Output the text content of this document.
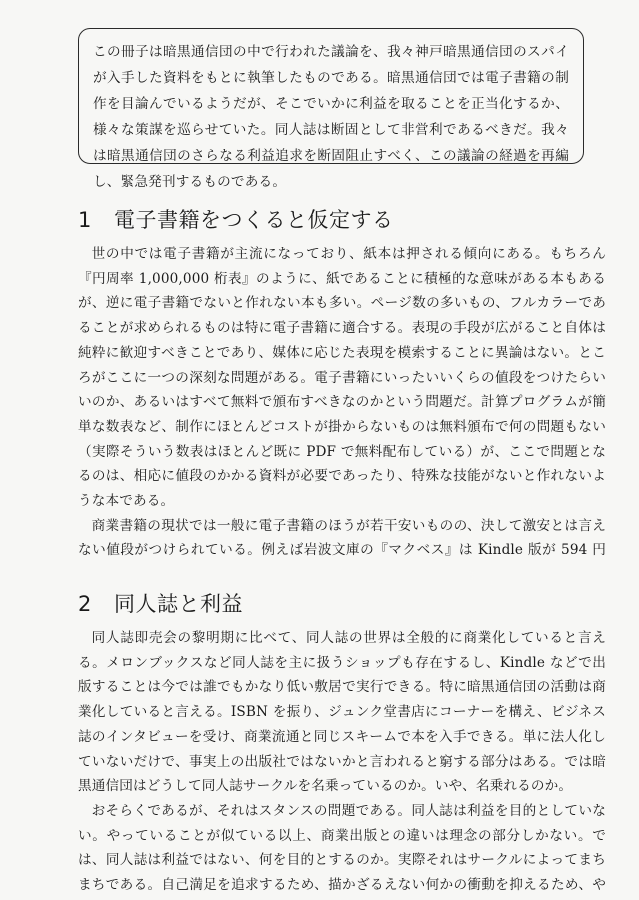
この冊子は暗黒通信団の中で行われた議論を、我々神戸暗黒通信団のスパイが入手した資料をもとに執筆したものである。暗黒通信団では電子書籍の制作を目論んでいるようだが、そこでいかに利益を取ることを正当化するか、様々な策謀を巡らせていた。同人誌は断固として非営利であるべきだ。我々は暗黒通信団のさらなる利益追求を断固阻止すべく、この議論の経過を再編し、緊急発刊するものである。

1 電子書籍をつくると仮定する

世の中では電子書籍が主流になっており、紙本は押される傾向にある。もちろん『円周率 1,000,000 桁表』のように、紙であることに積極的な意味がある本もあるが、逆に電子書籍でないと作れない本も多い。ページ数の多いもの、フルカラーであることが求められるものは特に電子書籍に適合する。表現の手段が広がること自体は純粋に歓迎すべきことであり、媒体に応じた表現を模索することに異論はない。ところがここに一つの深刻な問題がある。電子書籍にいったいいくらの値段をつけたらいいのか、あるいはすべて無料で頒布すべきなのかという問題だ。計算プログラムが簡単な数表など、制作にほとんどコストが掛からないものは無料頒布で何の問題もない（実際そういう数表はほとんど既に PDF で無料配布している）が、ここで問題となるのは、相応に値段のかかる資料が必要であったり、特殊な技能がないと作れないような本である。

商業書籍の現状では一般に電子書籍のほうが若干安いものの、決して激安とは言えない値段がつけられている。例えば岩波文庫の『マクベス』は Kindle 版が 594 円

2 同人誌と利益

同人誌即売会の黎明期に比べて、同人誌の世界は全般的に商業化していると言える。メロンブックスなど同人誌を主に扱うショップも存在するし、Kindle などで出版することは今では誰でもかなり低い敷居で実行できる。特に暗黒通信団の活動は商業化していると言える。ISBN を振り、ジュンク堂書店にコーナーを構え、ビジネス誌のインタビューを受け、商業流通と同じスキームで本を入手できる。単に法人化していないだけで、事実上の出版社ではないかと言われると窮する部分はある。では暗黒通信団はどうして同人誌サークルを名乗っているのか。いや、名乗れるのか。

おそらくであるが、それはスタンスの問題である。同人誌は利益を目的としていない。やっていることが似ている以上、商業出版との違いは理念の部分しかない。では、同人誌は利益ではない、何を目的とするのか。実際それはサークルによってまちまちである。自己満足を追求するため、描かざるえない何かの衝動を抑えるため、や
